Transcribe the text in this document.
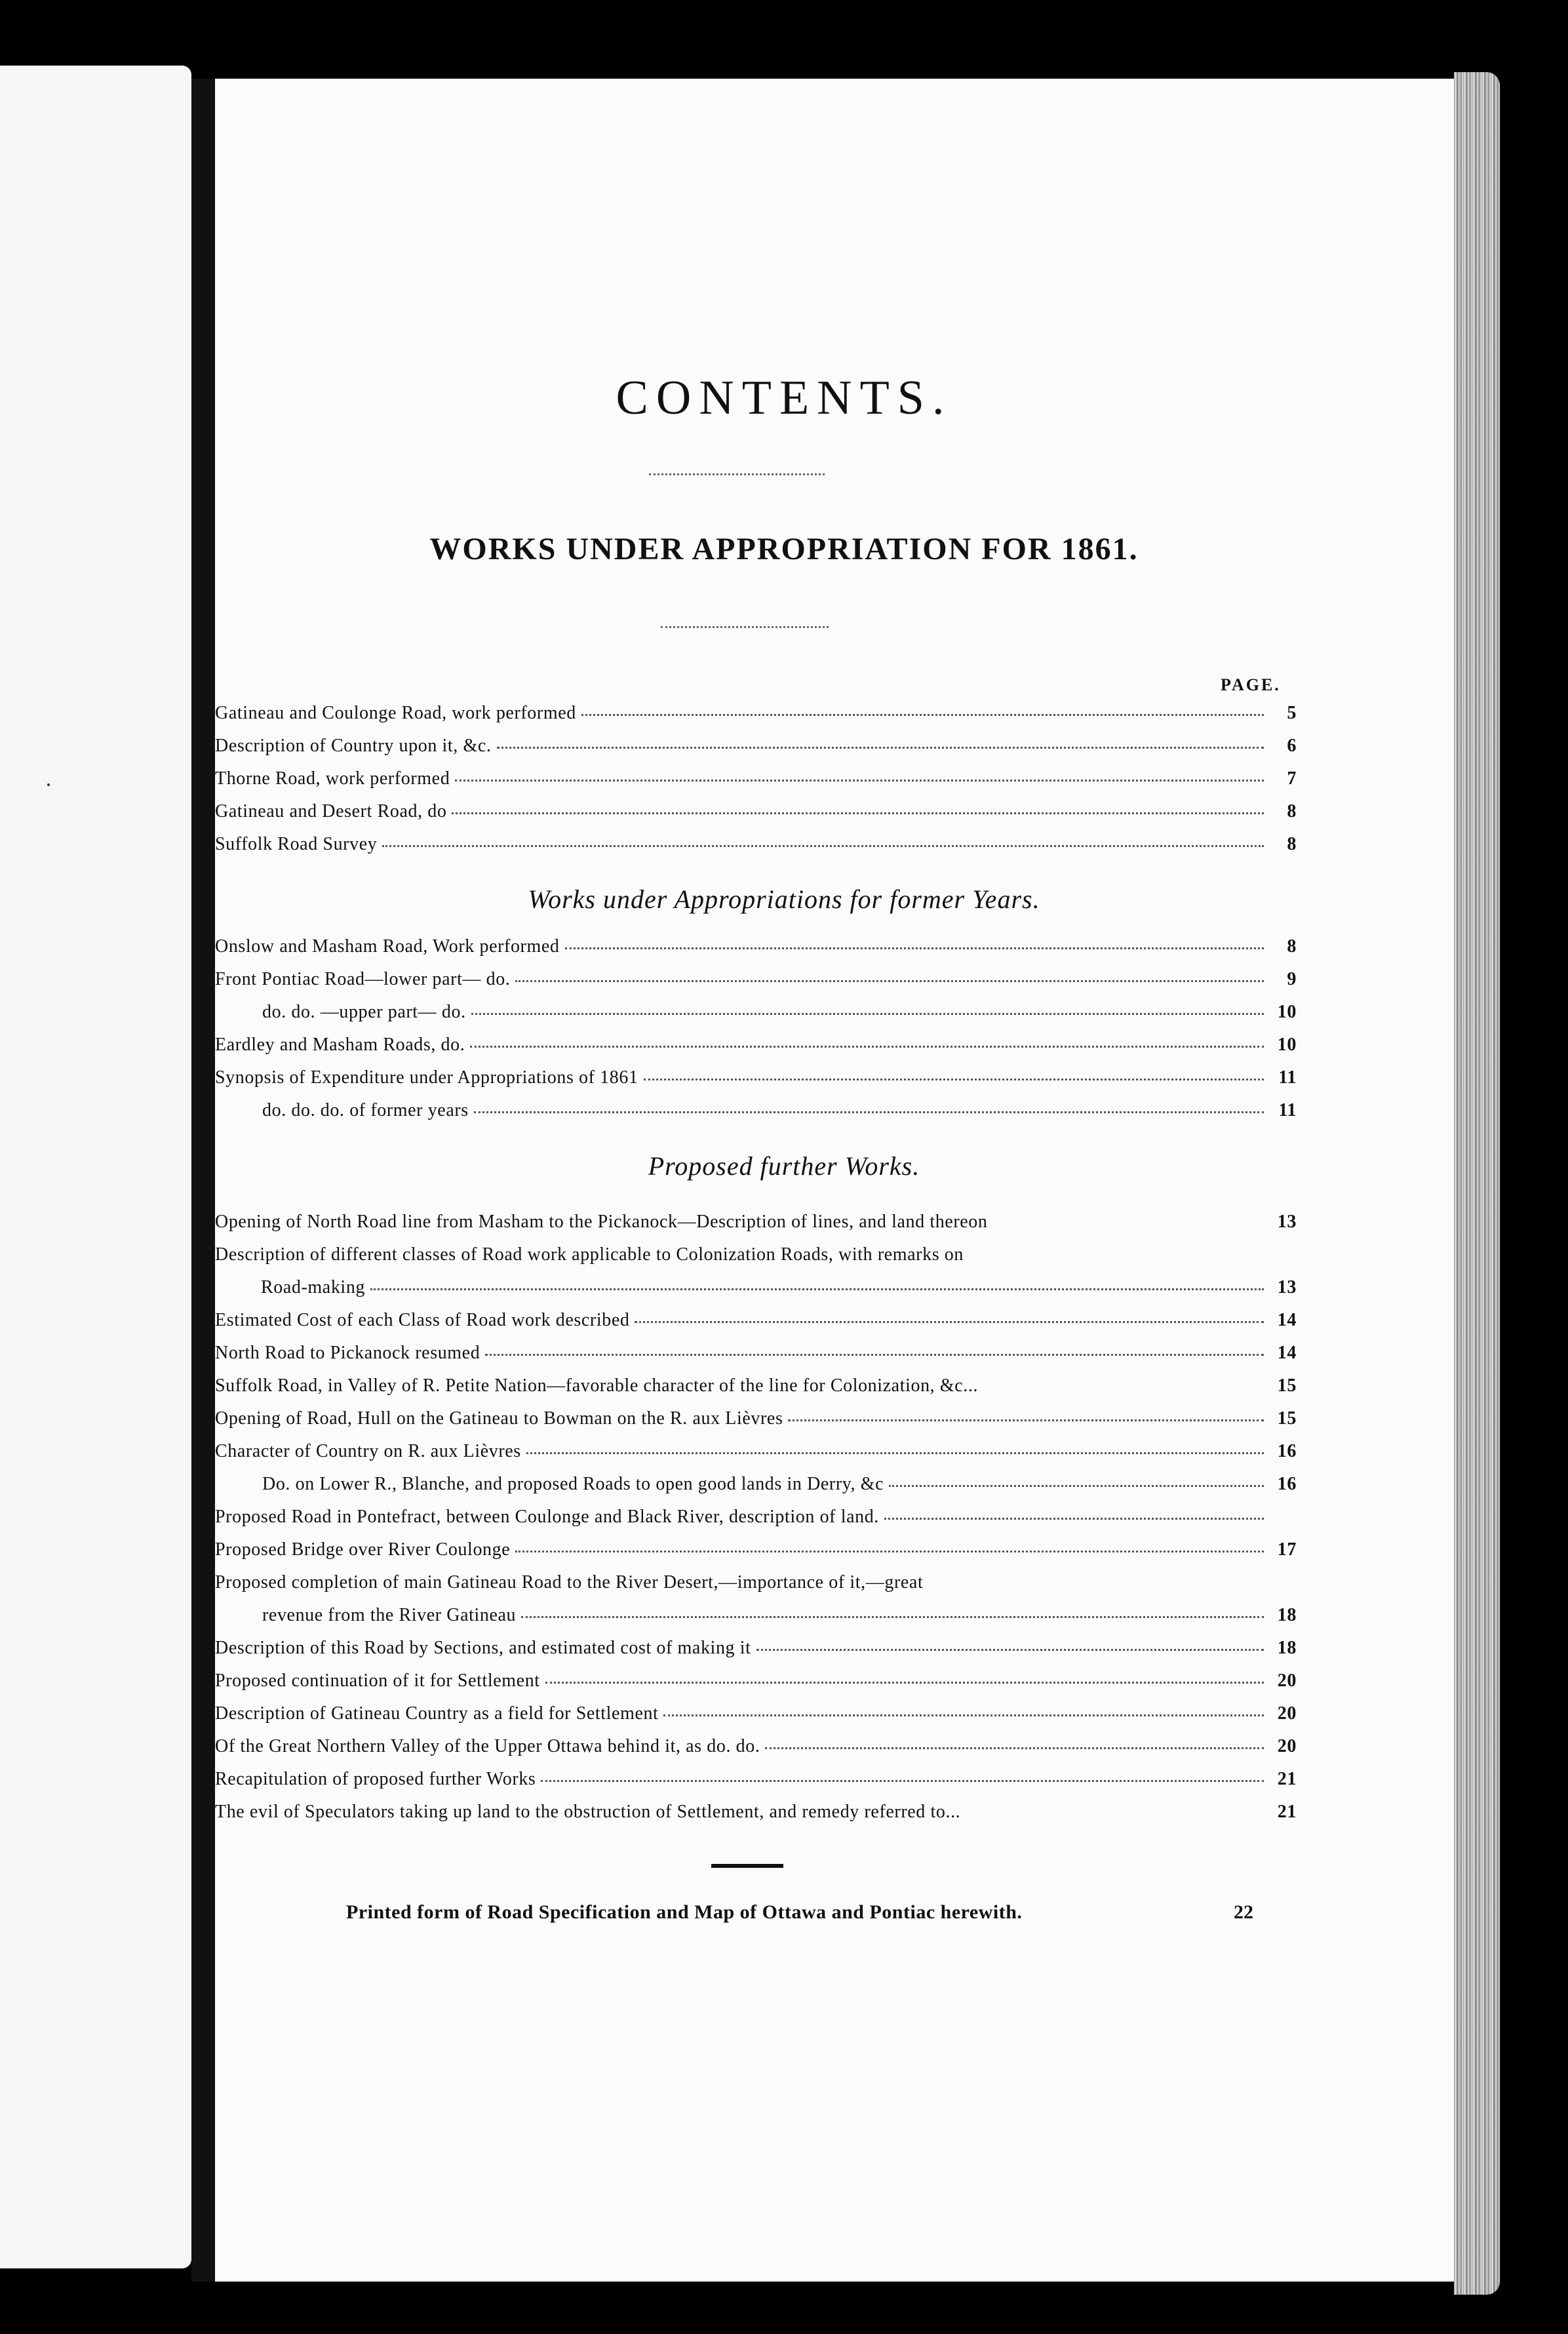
CONTENTS.
WORKS UNDER APPROPRIATION FOR 1861.
PAGE.
Gatineau and Coulonge Road, work performed	5
Description of Country upon it, &c.	6
Thorne Road, work performed	7
Gatineau and Desert Road, do	8
Suffolk Road Survey	8
Works under Appropriations for former Years.
Onslow and Masham Road, Work performed	8
Front Pontiac Road—lower part— do.	9
do. do. —upper part— do.	10
Eardley and Masham Roads, do.	10
Synopsis of Expenditure under Appropriations of 1861	11
do. do. do. of former years	11
Proposed further Works.
Opening of North Road line from Masham to the Pickanock—Description of lines, and land thereon	13
Description of different classes of Road work applicable to Colonization Roads, with remarks on
Road-making	13
Estimated Cost of each Class of Road work described	14
North Road to Pickanock resumed	14
Suffolk Road, in Valley of R. Petite Nation—favorable character of the line for Colonization, &c...	15
Opening of Road, Hull on the Gatineau to Bowman on the R. aux Lièvres	15
Character of Country on R. aux Lièvres	16
Do. on Lower R., Blanche, and proposed Roads to open good lands in Derry, &c	16
Proposed Road in Pontefract, between Coulonge and Black River, description of land.
Proposed Bridge over River Coulonge	17
Proposed completion of main Gatineau Road to the River Desert,—importance of it,—great
revenue from the River Gatineau	18
Description of this Road by Sections, and estimated cost of making it	18
Proposed continuation of it for Settlement	20
Description of Gatineau Country as a field for Settlement	20
Of the Great Northern Valley of the Upper Ottawa behind it, as do. do.	20
Recapitulation of proposed further Works	21
The evil of Speculators taking up land to the obstruction of Settlement, and remedy referred to...	21
Printed form of Road Specification and Map of Ottawa and Pontiac herewith.	22
